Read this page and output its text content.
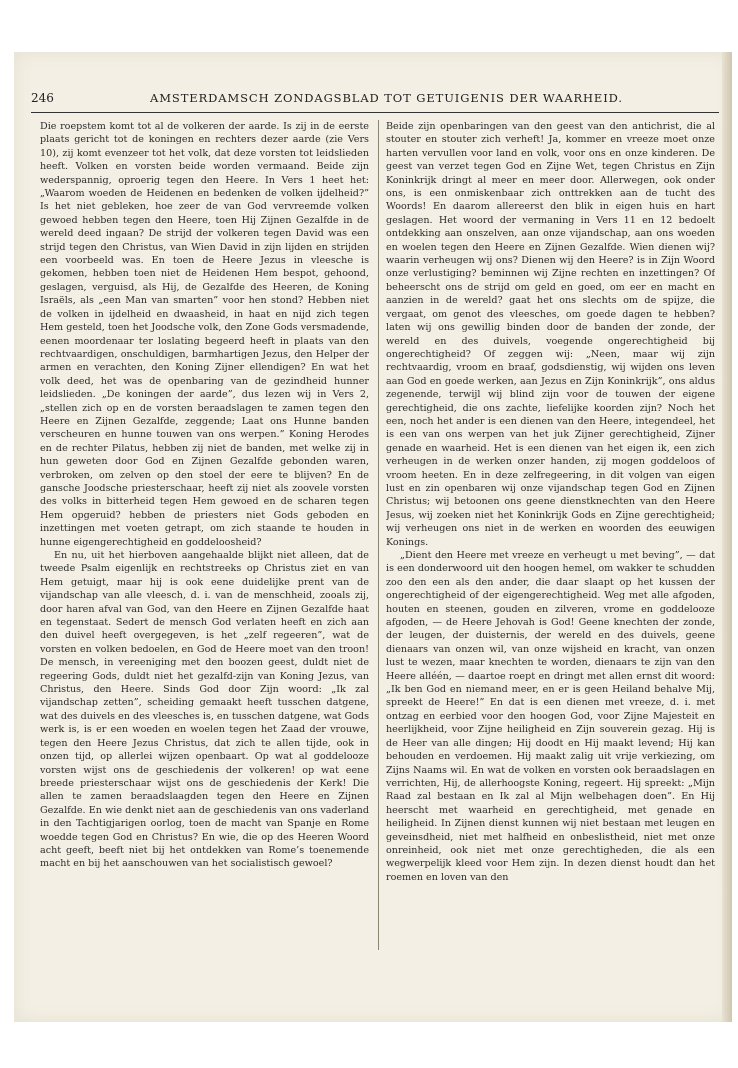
246	AMSTERDAMSCH ZONDAGSBLAD TOT GETUIGENIS DER WAARHEID.

Die roepstem komt tot al de volkeren der aarde. Is zij in de eerste plaats gericht tot de koningen en rechters dezer aarde (zie Vers 10), zij komt evenzeer tot het volk, dat deze vorsten tot leidslieden heeft. Volken en vorsten beide worden vermaand. Beide zijn wederspannig, oproerig tegen den Heere. In Vers 1 heet het: „Waarom woeden de Heidenen en bedenken de volken ijdelheid?” Is het niet gebleken, hoe zeer de van God vervreemde volken gewoed hebben tegen den Heere, toen Hij Zijnen Gezalfde in de wereld deed ingaan? De strijd der volkeren tegen David was een strijd tegen den Christus, van Wien David in zijn lijden en strijden een voorbeeld was. En toen de Heere Jezus in vleesche is gekomen, hebben toen niet de Heidenen Hem bespot, gehoond, geslagen, verguisd, als Hij, de Gezalfde des Heeren, de Koning Israëls, als „een Man van smarten” voor hen stond? Hebben niet de volken in ijdelheid en dwaasheid, in haat en nijd zich tegen Hem gesteld, toen het Joodsche volk, den Zone Gods versmadende, eenen moordenaar ter loslating begeerd heeft in plaats van den rechtvaardigen, onschuldigen, barmhartigen Jezus, den Helper der armen en verachten, den Koning Zijner ellendigen? En wat het volk deed, het was de openbaring van de gezindheid hunner leidslieden. „De koningen der aarde”, dus lezen wij in Vers 2, „stellen zich op en de vorsten beraadslagen te zamen tegen den Heere en Zijnen Gezalfde, zeggende; Laat ons Hunne banden verscheuren en hunne touwen van ons werpen.” Koning Herodes en de rechter Pilatus, hebben zij niet de banden, met welke zij in hun geweten door God en Zijnen Gezalfde gebonden waren, verbroken, om zelven op den stoel der eere te blijven? En de gansche Joodsche priesterschaar, heeft zij niet als zoovele vorsten des volks in bitterheid tegen Hem gewoed en de scharen tegen Hem opgeruid? hebben de priesters niet Gods geboden en inzettingen met voeten getrapt, om zich staande te houden in hunne eigengerechtigheid en goddeloosheid?

En nu, uit het hierboven aangehaalde blijkt niet alleen, dat de tweede Psalm eigenlijk en rechtstreeks op Christus ziet en van Hem getuigt, maar hij is ook eene duidelijke prent van de vijandschap van alle vleesch, d. i. van de menschheid, zooals zij, door haren afval van God, van den Heere en Zijnen Gezalfde haat en tegenstaat. Sedert de mensch God verlaten heeft en zich aan den duivel heeft overgegeven, is het „zelf regeeren”, wat de vorsten en volken bedoelen, en God de Heere moet van den troon! De mensch, in vereeniging met den boozen geest, duldt niet de regeering Gods, duldt niet het gezalfd-zijn van Koning Jezus, van Christus, den Heere. Sinds God door Zijn woord: „Ik zal vijandschap zetten”, scheiding gemaakt heeft tusschen datgene, wat des duivels en des vleesches is, en tusschen datgene, wat Gods werk is, is er een woeden en woelen tegen het Zaad der vrouwe, tegen den Heere Jezus Christus, dat zich te allen tijde, ook in onzen tijd, op allerlei wijzen openbaart. Op wat al goddelooze vorsten wijst ons de geschiedenis der volkeren! op wat eene breede priesterschaar wijst ons de geschiedenis der Kerk! Die allen te zamen beraadslaagden tegen den Heere en Zijnen Gezalfde. En wie denkt niet aan de geschiedenis van ons vaderland in den Tachtigjarigen oorlog, toen de macht van Spanje en Rome woedde tegen God en Christus? En wie, die op des Heeren Woord acht geeft, beeft niet bij het ontdekken van Rome’s toenemende macht en bij het aanschouwen van het socialistisch gewoel?

Beide zijn openbaringen van den geest van den antichrist, die al stouter en stouter zich verheft! Ja, kommer en vreeze moet onze harten vervullen voor land en volk, voor ons en onze kinderen. De geest van verzet tegen God en Zijne Wet, tegen Christus en Zijn Koninkrijk dringt al meer en meer door. Allerwegen, ook onder ons, is een onmiskenbaar zich onttrekken aan de tucht des Woords! En daarom allereerst den blik in eigen huis en hart geslagen. Het woord der vermaning in Vers 11 en 12 bedoelt ontdekking aan onszelven, aan onze vijandschap, aan ons woeden en woelen tegen den Heere en Zijnen Gezalfde. Wien dienen wij? waarin verheugen wij ons? Dienen wij den Heere? is in Zijn Woord onze verlustiging? beminnen wij Zijne rechten en inzettingen? Of beheerscht ons de strijd om geld en goed, om eer en macht en aanzien in de wereld? gaat het ons slechts om de spijze, die vergaat, om genot des vleesches, om goede dagen te hebben? laten wij ons gewillig binden door de banden der zonde, der wereld en des duivels, voegende ongerechtigheid bij ongerechtigheid? Of zeggen wij: „Neen, maar wij zijn rechtvaardig, vroom en braaf, godsdienstig, wij wijden ons leven aan God en goede werken, aan Jezus en Zijn Koninkrijk”, ons aldus zegenende, terwijl wij blind zijn voor de touwen der eigene gerechtigheid, die ons zachte, liefelijke koorden zijn? Noch het een, noch het ander is een dienen van den Heere, integendeel, het is een van ons werpen van het juk Zijner gerechtigheid, Zijner genade en waarheid. Het is een dienen van het eigen ik, een zich verheugen in de werken onzer handen, zij mogen goddeloos of vroom heeten. En in deze zelfregeering, in dit volgen van eigen lust en zin openbaren wij onze vijandschap tegen God en Zijnen Christus; wij betoonen ons geene dienstknechten van den Heere Jesus, wij zoeken niet het Koninkrijk Gods en Zijne gerechtigheid; wij verheugen ons niet in de werken en woorden des eeuwigen Konings.

„Dient den Heere met vreeze en verheugt u met beving”, — dat is een donderwoord uit den hoogen hemel, om wakker te schudden zoo den een als den ander, die daar slaapt op het kussen der ongerechtigheid of der eigengerechtigheid. Weg met alle afgoden, houten en steenen, gouden en zilveren, vrome en goddelooze afgoden, — de Heere Jehovah is God! Geene knechten der zonde, der leugen, der duisternis, der wereld en des duivels, geene dienaars van onzen wil, van onze wijsheid en kracht, van onzen lust te wezen, maar knechten te worden, dienaars te zijn van den Heere alléén, — daartoe roept en dringt met allen ernst dit woord: „Ik ben God en niemand meer, en er is geen Heiland behalve Mij, spreekt de Heere!” En dat is een dienen met vreeze, d. i. met ontzag en eerbied voor den hoogen God, voor Zijne Majesteit en heerlijkheid, voor Zijne heiligheid en Zijn souverein gezag. Hij is de Heer van alle dingen; Hij doodt en Hij maakt levend; Hij kan behouden en verdoemen. Hij maakt zalig uit vrije verkiezing, om Zijns Naams wil. En wat de volken en vorsten ook beraadslagen en verrichten, Hij, de allerhoogste Koning, regeert. Hij spreekt: „Mijn Raad zal bestaan en Ik zal al Mijn welbehagen doen”. En Hij heerscht met waarheid en gerechtigheid, met genade en heiligheid. In Zijnen dienst kunnen wij niet bestaan met leugen en geveinsdheid, niet met halfheid en onbeslistheid, niet met onze onreinheid, ook niet met onze gerechtigheden, die als een wegwerpelijk kleed voor Hem zijn. In dezen dienst houdt dan het roemen en loven van den
